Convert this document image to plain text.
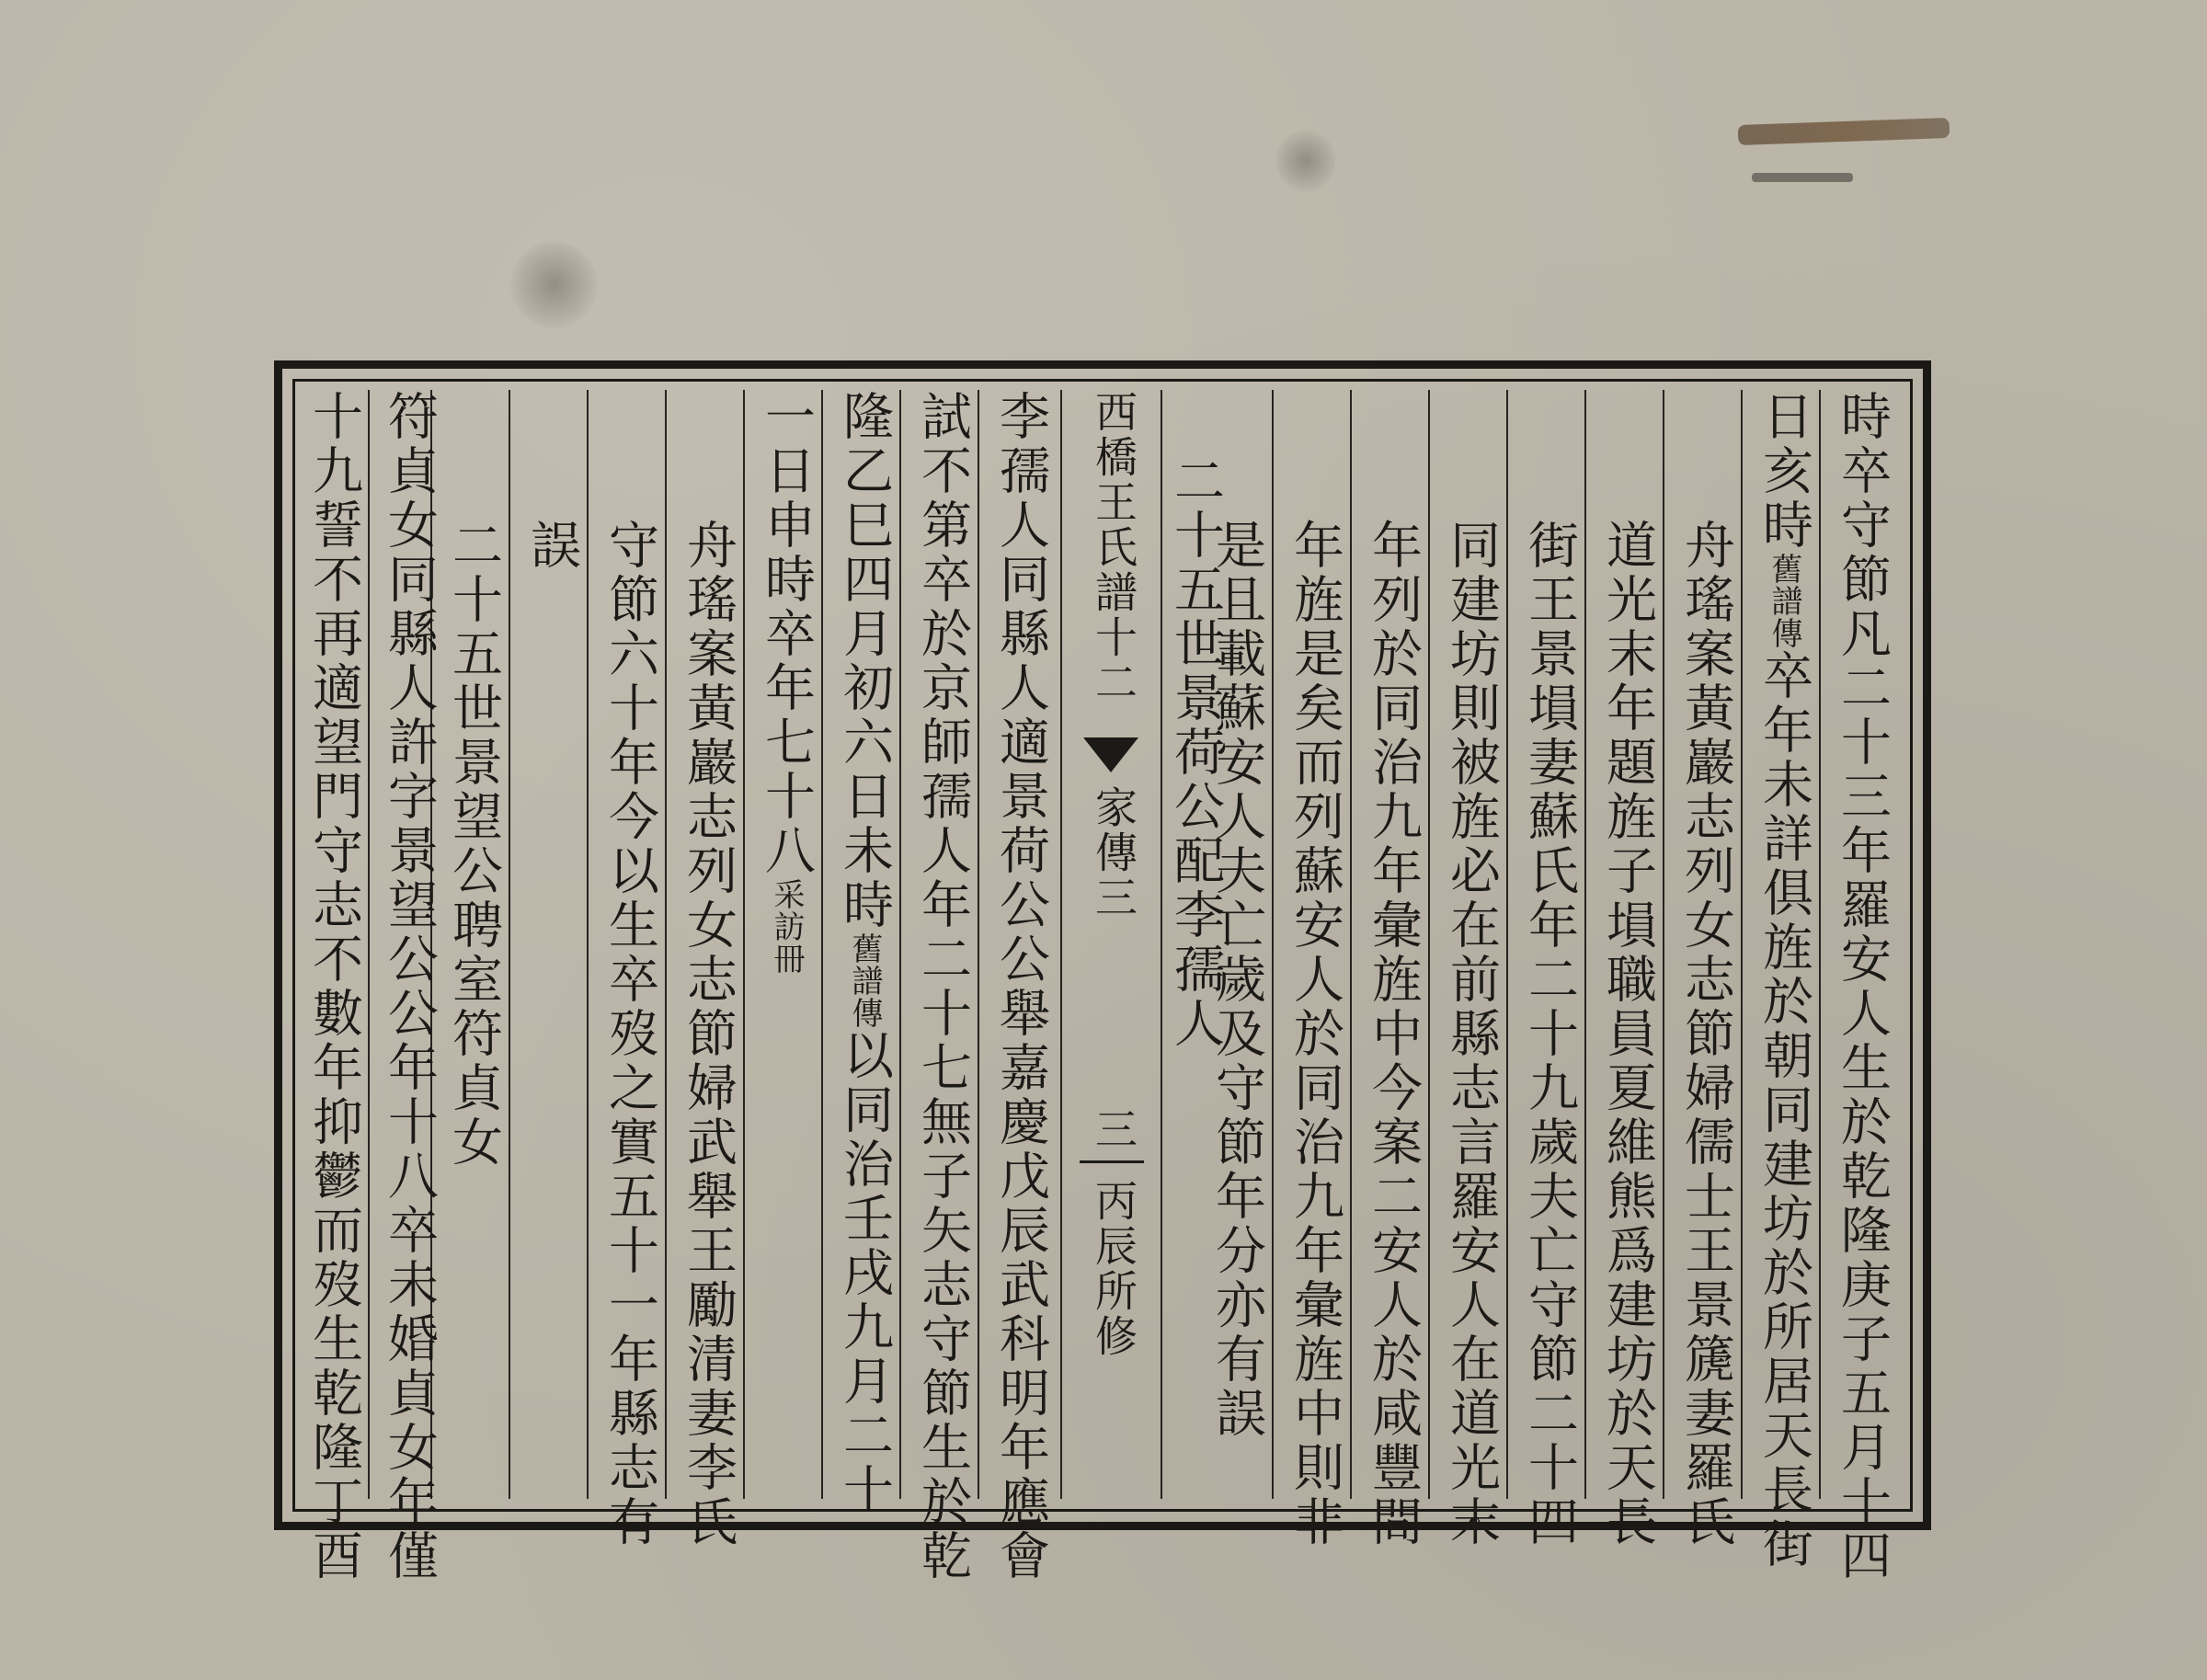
時卒守節凡二十三年羅安人生於乾隆庚子五月十四
日亥時舊譜傳卒年未詳俱旌於朝同建坊於所居天長街
舟瑤案黃巖志列女志節婦儒士王景篪妻羅氏
道光末年題旌子塤職員夏維熊爲建坊於天長
街王景塤妻蘇氏年二十九歲夫亡守節二十四
同建坊則被旌必在前縣志言羅安人在道光末
年列於同治九年彙旌中今案二安人於咸豐間
年旌是矣而列蘇安人於同治九年彙旌中則非
是且載蘇安人夫亡歲及守節年分亦有誤
二十五世景荷公配李孺人
西橋王氏譜十二
家傳三
三
丙辰所修
李孺人同縣人適景荷公公舉嘉慶戊辰武科明年應會
試不第卒於京師孺人年二十七無子矢志守節生於乾
隆乙巳四月初六日未時舊譜傳以同治壬戌九月二十
一日申時卒年七十八采訪冊
舟瑤案黃巖志列女志節婦武舉王勵清妻李氏
守節六十年今以生卒歿之實五十一年縣志有
誤
二十五世景望公聘室符貞女
符貞女同縣人許字景望公公年十八卒未婚貞女年僅
十九誓不再適望門守志不數年抑鬱而歿生乾隆丁酉
